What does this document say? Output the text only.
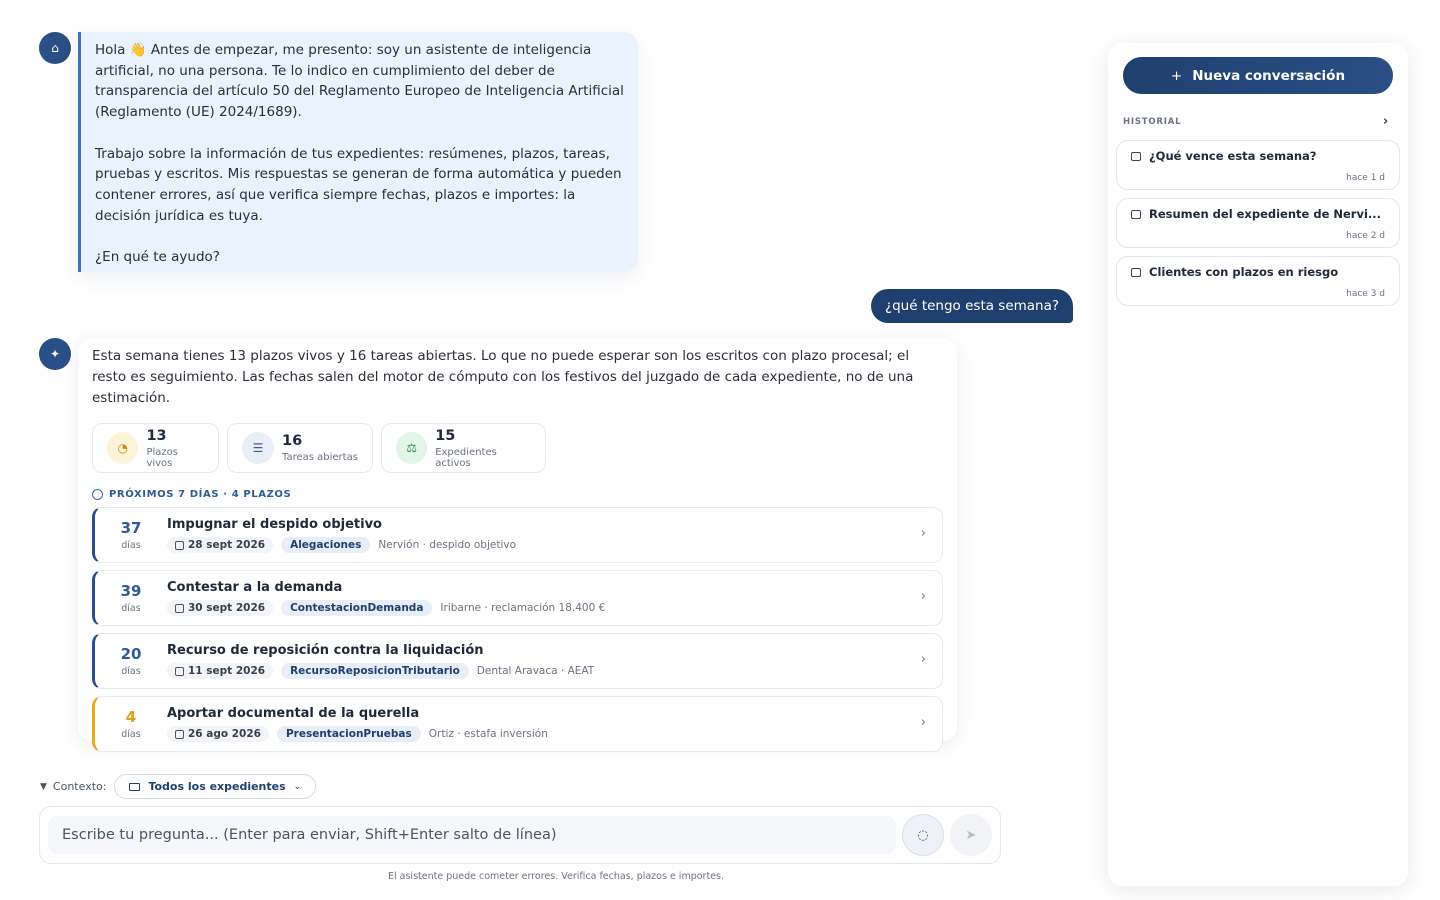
⌂	Hola 👋 Antes de empezar, me presento: soy un asistente de inteligencia artificial, no una persona. Te lo indico en cumplimiento del deber de transparencia del artículo 50 del Reglamento Europeo de Inteligencia Artificial (Reglamento (UE) 2024/1689).

Trabajo sobre la información de tus expedientes: resúmenes, plazos, tareas, pruebas y escritos. Mis respuestas se generan de forma automática y pueden contener errores, así que verifica siempre fechas, plazos e importes: la decisión jurídica es tuya.

¿En qué te ayudo?

¿qué tengo esta semana?
✦ Esta semana tienes 13 plazos vivos y 16 tareas abiertas. Lo que no puede esperar son los escritos con plazo procesal; el resto es seguimiento. Las fechas salen del motor de cómputo con los festivos del juzgado de cada expediente, no de una estimación.
◔
13
Plazos vivos
☰	16
Tareas abiertas
⚖
15
Expedientes activos
PRÓXIMOS 7 DÍAS · 4 PLAZOS
37
días
Impugnar el despido objetivo
28 sept 2026	Alegaciones	Nervión · despido objetivo
›
39
días
Contestar a la demanda
30 sept 2026	ContestacionDemanda	Iribarne · reclamación 18.400 €
›
20
días
Recurso de reposición contra la liquidación
11 sept 2026	RecursoReposicionTributario	Dental Aravaca · AEAT
›
4
días
Aportar documental de la querella
26 ago 2026	PresentacionPruebas	Ortiz · estafa inversión
›
▼ Contexto:	Todos los expedientes ⌄
Escribe tu pregunta... (Enter para enviar, Shift+Enter salto de línea)	◌	➤
El asistente puede cometer errores. Verifica fechas, plazos e importes.
+ Nueva conversación
HISTORIAL	›
¿Qué vence esta semana?
hace 1 d
Resumen del expediente de Nervi...
hace 2 d
Clientes con plazos en riesgo
hace 3 d
